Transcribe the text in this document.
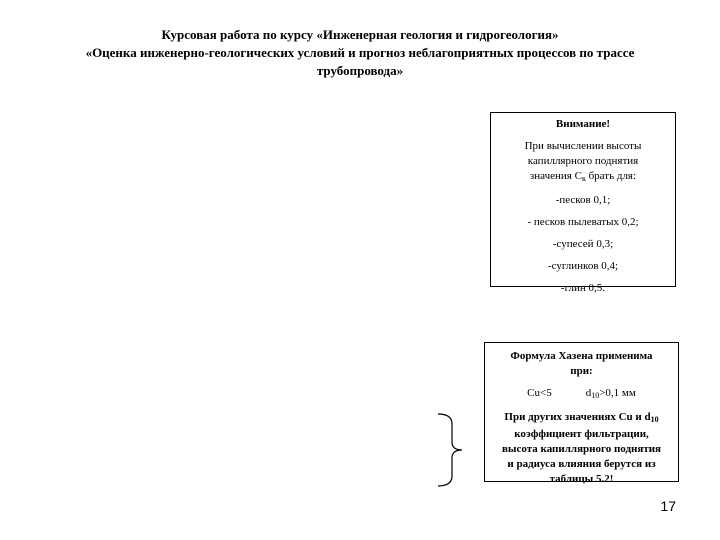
Курсовая работа по курсу «Инженерная геология и гидрогеология»
«Оценка инженерно-геологических условий и прогноз неблагоприятных процессов по трассе
трубопровода»

Внимание!

При вычислении высоты

капиллярного поднятия

значения $С_к$ брать для:

-песков 0,1;

- песков пылеватых 0,2;

-супесей 0,3;

-суглинков 0,4;

-глин 0,5.

Формула Хазена применима

при:

Cu<5	$d_{10}>0,1$ мм

При других значениях Cu и $d_{10}$

коэффициент фильтрации,

высота капиллярного поднятия

и радиуса влияния берутся из

таблицы 5.2!

17
